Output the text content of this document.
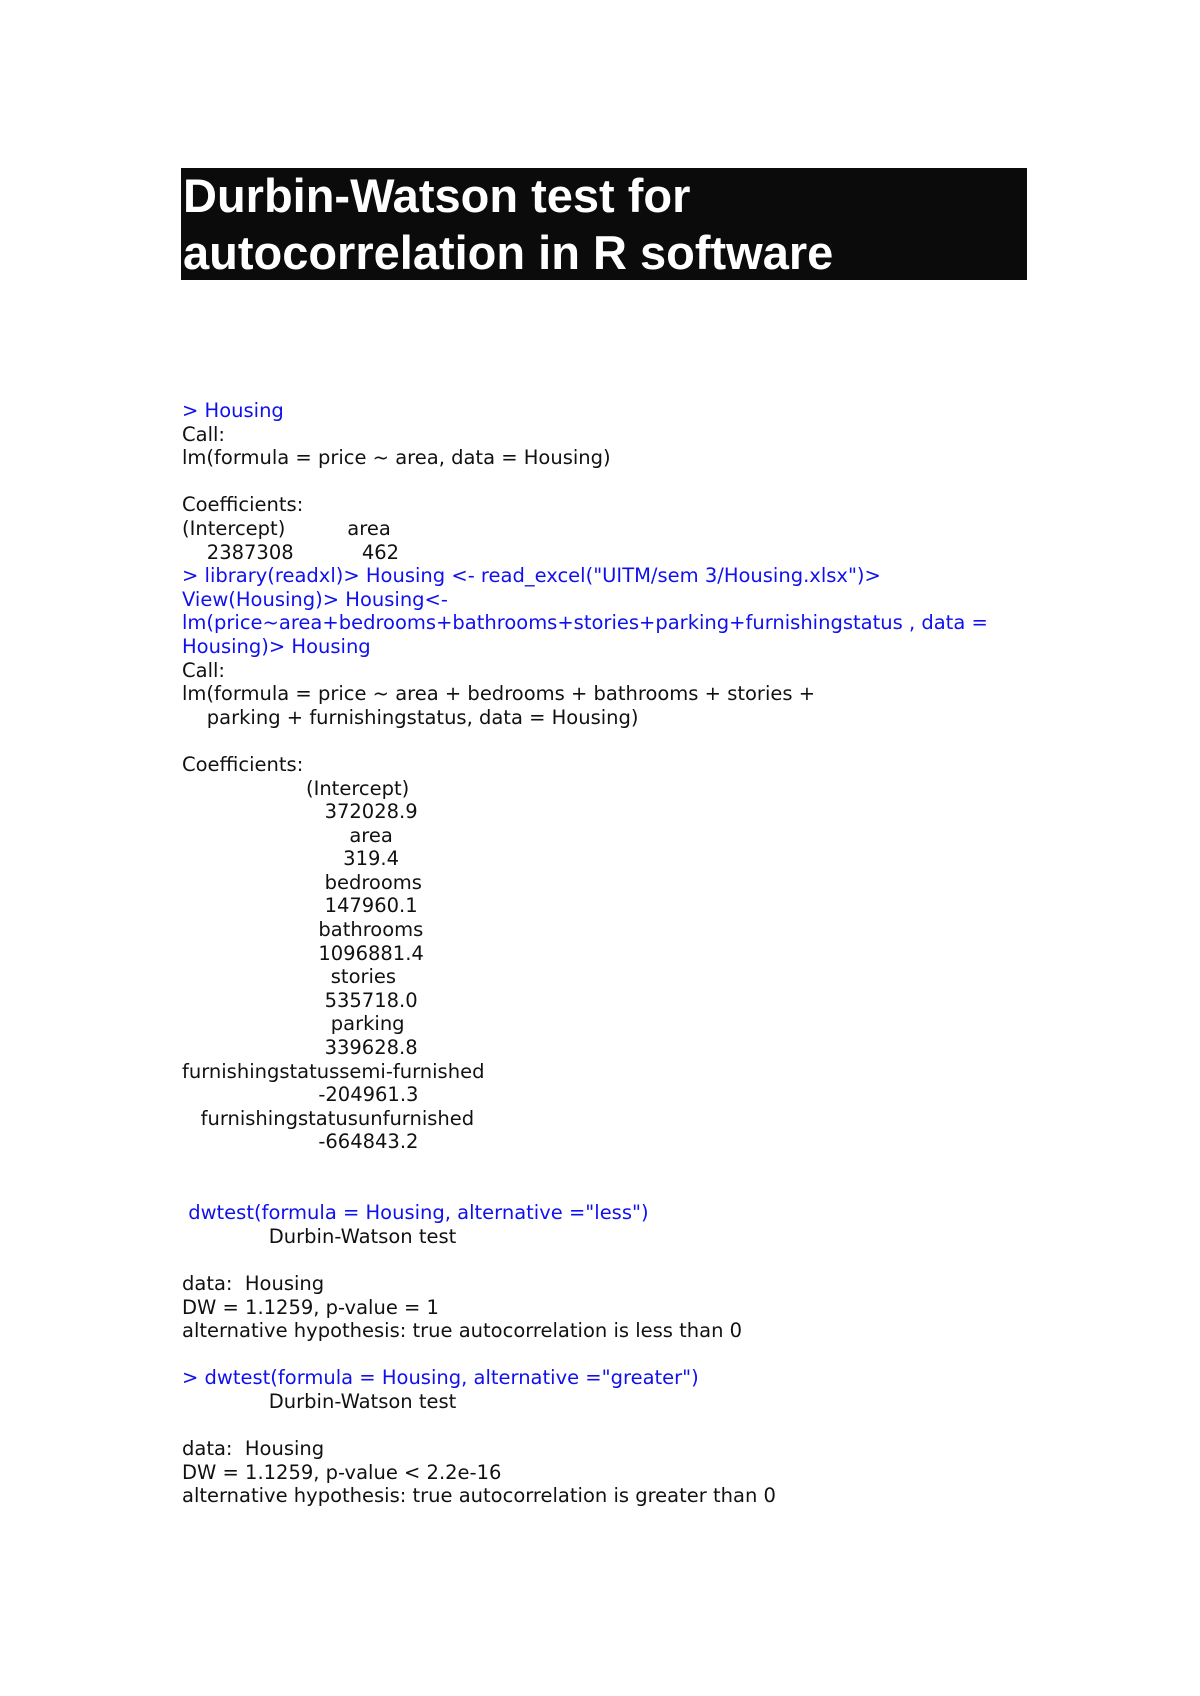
Durbin-Watson test for
autocorrelation in R software
> Housing
Call:
lm(formula = price ~ area, data = Housing)
Coefficients:
(Intercept)          area
2387308           462
> library(readxl)> Housing <- read_excel("UITM/sem 3/Housing.xlsx")>
View(Housing)> Housing<-
lm(price~area+bedrooms+bathrooms+stories+parking+furnishingstatus , data =
Housing)> Housing
Call:
lm(formula = price ~ area + bedrooms + bathrooms + stories +
parking + furnishingstatus, data = Housing)
Coefficients:
(Intercept)
372028.9
area
319.4
bedrooms
147960.1
bathrooms
1096881.4
stories
535718.0
parking
339628.8
furnishingstatussemi-furnished
-204961.3
furnishingstatusunfurnished
-664843.2
dwtest(formula = Housing, alternative ="less")
Durbin-Watson test
data:  Housing
DW = 1.1259, p-value = 1
alternative hypothesis: true autocorrelation is less than 0
> dwtest(formula = Housing, alternative ="greater")
Durbin-Watson test
data:  Housing
DW = 1.1259, p-value < 2.2e-16
alternative hypothesis: true autocorrelation is greater than 0
